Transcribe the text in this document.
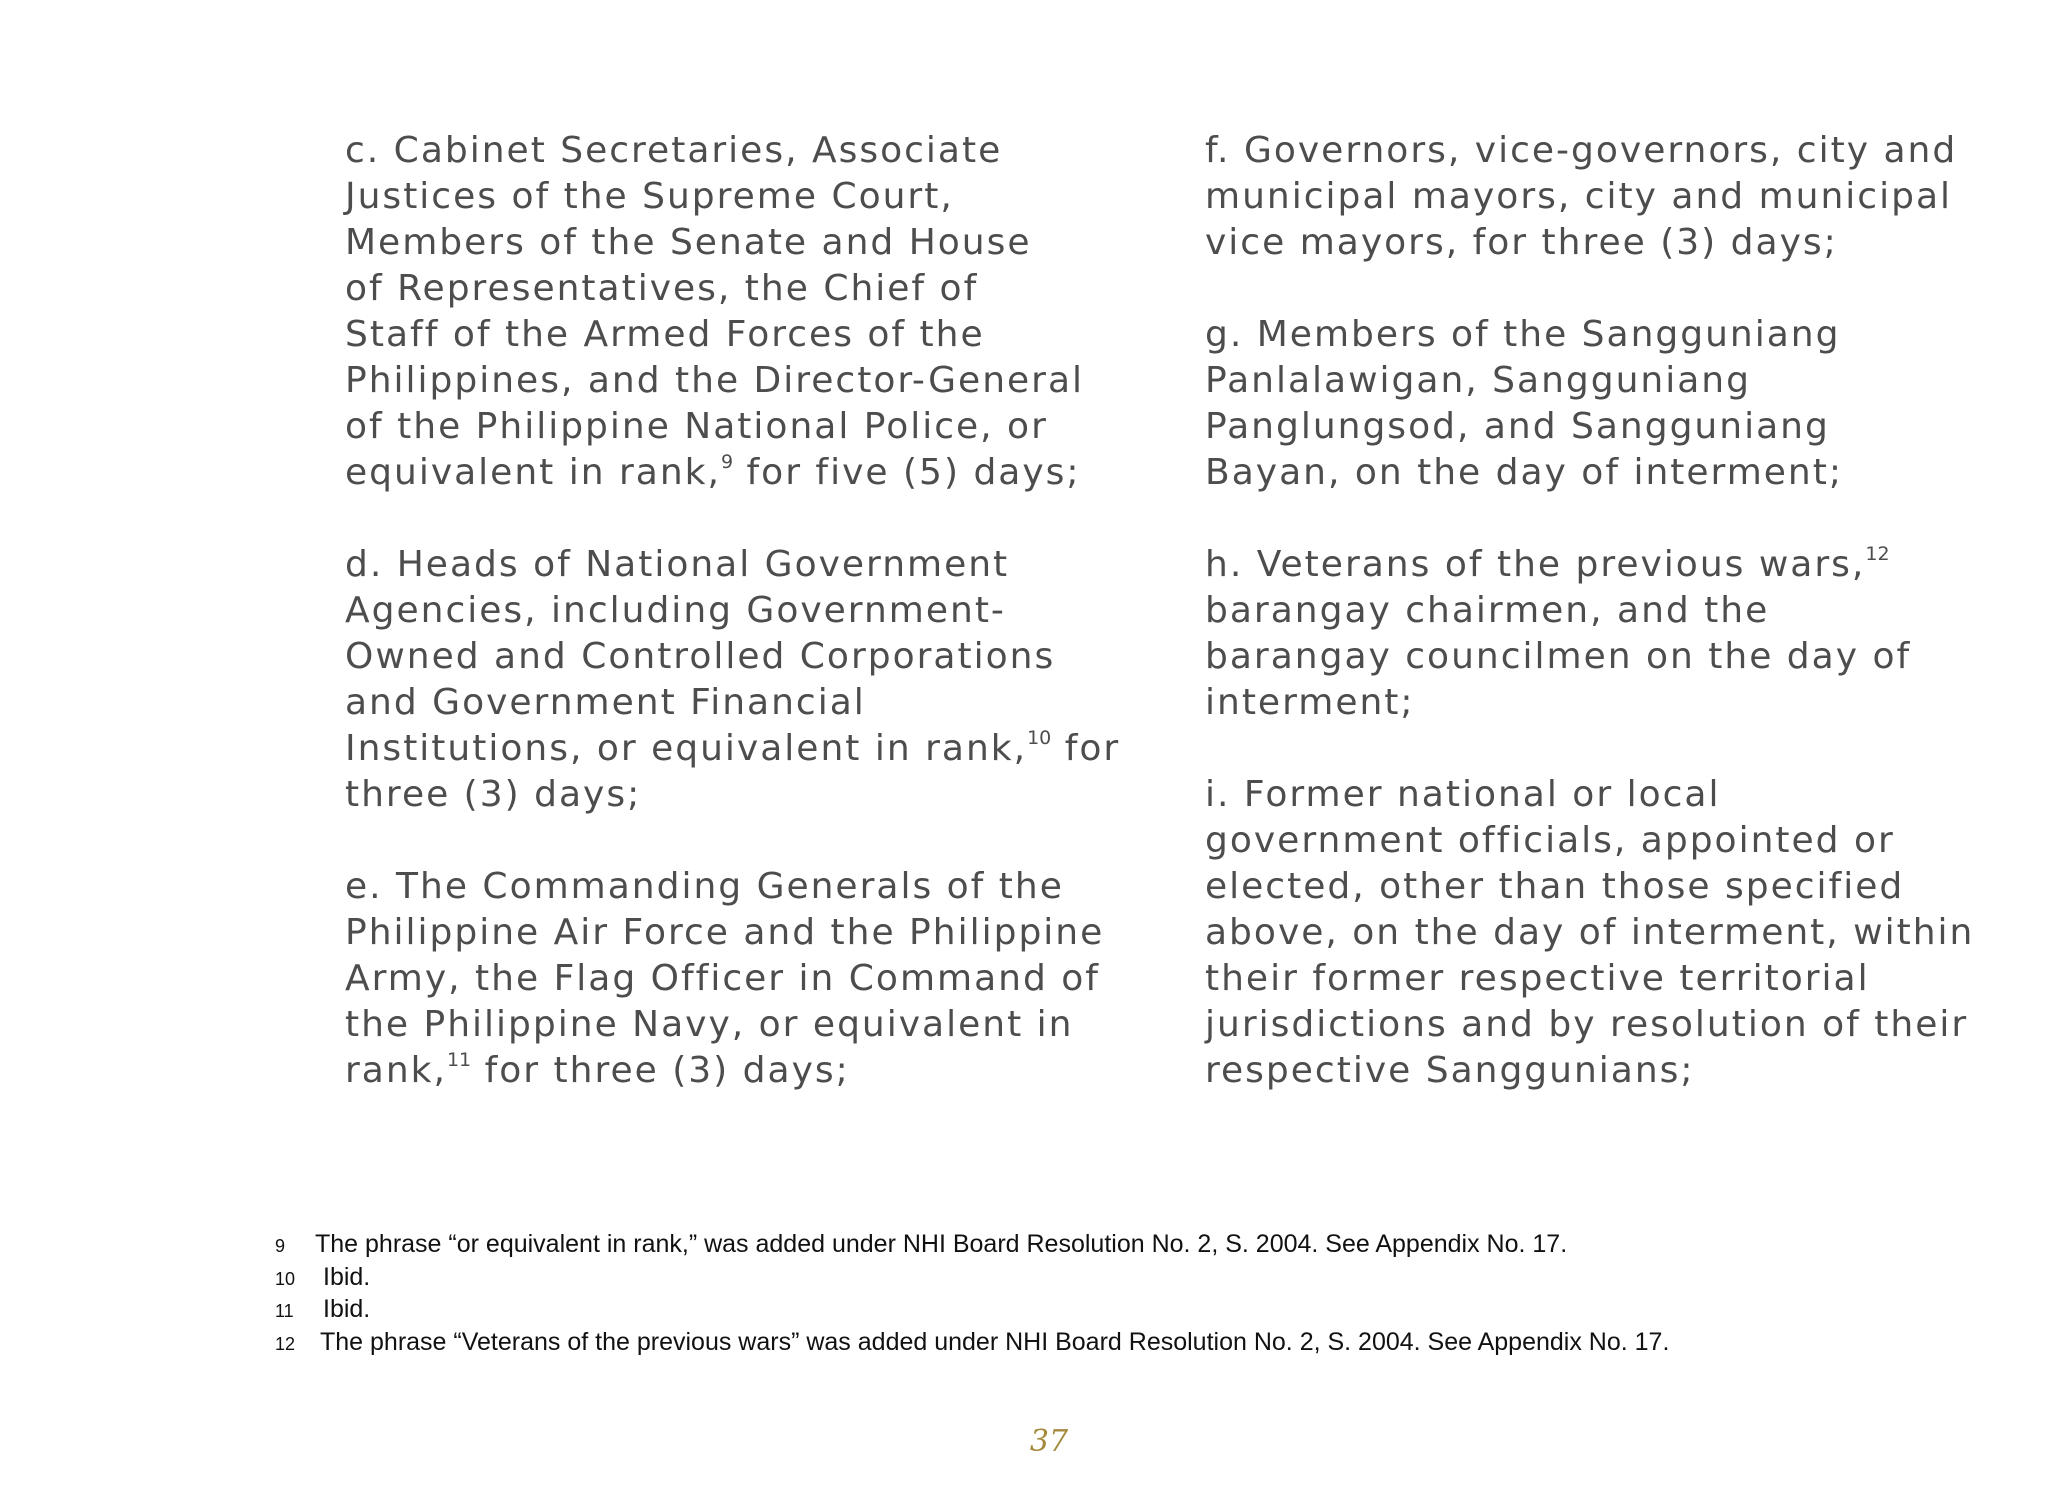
c. Cabinet Secretaries, Associate
Justices of the Supreme Court,
Members of the Senate and House
of Representatives, the Chief of
Staff of the Armed Forces of the
Philippines, and the Director-General
of the Philippine National Police, or
equivalent in rank,$^9$ for five (5) days;
d. Heads of National Government
Agencies, including Government-
Owned and Controlled Corporations
and Government Financial
Institutions, or equivalent in rank,$^{10}$ for
three (3) days;
e. The Commanding Generals of the
Philippine Air Force and the Philippine
Army, the Flag Officer in Command of
the Philippine Navy, or equivalent in
rank,$^{11}$ for three (3) days;
f. Governors, vice-governors, city and
municipal mayors, city and municipal
vice mayors, for three (3) days;
g. Members of the Sangguniang
Panlalawigan, Sangguniang
Panglungsod, and Sangguniang
Bayan, on the day of interment;
h. Veterans of the previous wars,$^{12}$
barangay chairmen, and the
barangay councilmen on the day of
interment;
i. Former national or local
government officials, appointed or
elected, other than those specified
above, on the day of interment, within
their former respective territorial
jurisdictions and by resolution of their
respective Sanggunians;
9	The phrase “or equivalent in rank,” was added under NHI Board Resolution No. 2, S. 2004. See Appendix No. 17.
10	Ibid.
11	Ibid.
12 The phrase “Veterans of the previous wars” was added under NHI Board Resolution No. 2, S. 2004. See Appendix No. 17.
37
